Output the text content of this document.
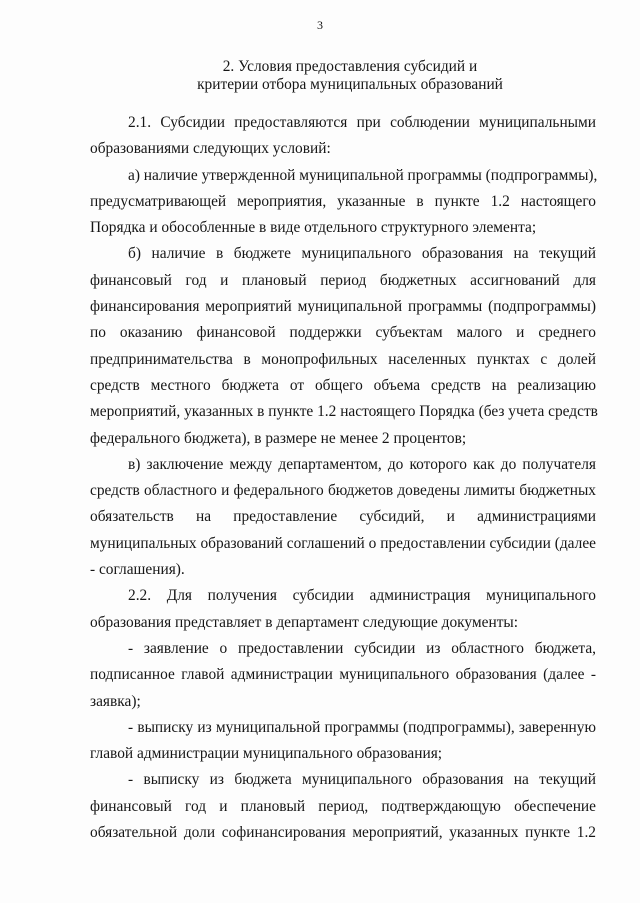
3
2. Условия предоставления субсидий и
критерии отбора муниципальных образований
2.1. Субсидии предоставляются при соблюдении муниципальными
образованиями следующих условий:
а) наличие утвержденной муниципальной программы (подпрограммы),
предусматривающей мероприятия, указанные в пункте 1.2 настоящего
Порядка и обособленные в виде отдельного структурного элемента;
б) наличие в бюджете муниципального образования на текущий
финансовый год и плановый период бюджетных ассигнований для
финансирования мероприятий муниципальной программы (подпрограммы)
по оказанию финансовой поддержки субъектам малого и среднего
предпринимательства в монопрофильных населенных пунктах с долей
средств местного бюджета от общего объема средств на реализацию
мероприятий, указанных в пункте 1.2 настоящего Порядка (без учета средств
федерального бюджета), в размере не менее 2 процентов;
в) заключение между департаментом, до которого как до получателя
средств областного и федерального бюджетов доведены лимиты бюджетных
обязательств на предоставление субсидий, и администрациями
муниципальных образований соглашений о предоставлении субсидии (далее
- соглашения).
2.2. Для получения субсидии администрация муниципального
образования представляет в департамент следующие документы:
- заявление о предоставлении субсидии из областного бюджета,
подписанное главой администрации муниципального образования (далее -
заявка);
- выписку из муниципальной программы (подпрограммы), заверенную
главой администрации муниципального образования;
- выписку из бюджета муниципального образования на текущий
финансовый год и плановый период, подтверждающую обеспечение
обязательной доли софинансирования мероприятий, указанных пункте 1.2
